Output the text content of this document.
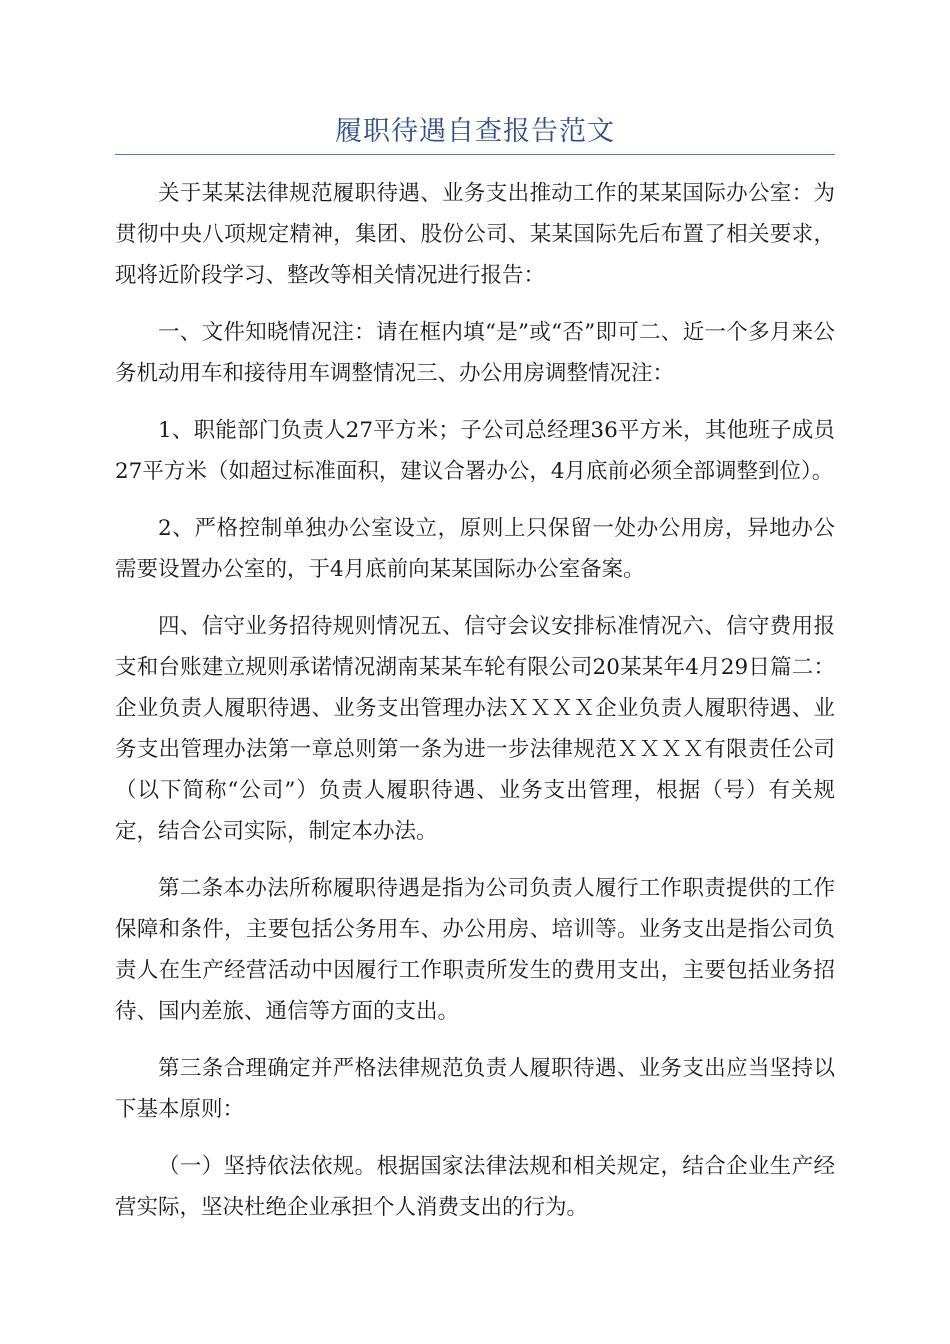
履职待遇自查报告范文

关于某某法律规范履职待遇、业务支出推动工作的某某国际办公室：为贯彻中央八项规定精神，集团、股份公司、某某国际先后布置了相关要求，现将近阶段学习、整改等相关情况进行报告：

一、文件知晓情况注：请在框内填“是”或“否”即可二、近一个多月来公务机动用车和接待用车调整情况三、办公用房调整情况注：

1、职能部门负责人27平方米；子公司总经理36平方米，其他班子成员27平方米（如超过标准面积，建议合署办公，4月底前必须全部调整到位）。

2、严格控制单独办公室设立，原则上只保留一处办公用房，异地办公需要设置办公室的，于4月底前向某某国际办公室备案。

四、信守业务招待规则情况五、信守会议安排标准情况六、信守费用报支和台账建立规则承诺情况湖南某某车轮有限公司20某某年4月29日篇二：企业负责人履职待遇、业务支出管理办法ＸＸＸＸ企业负责人履职待遇、业务支出管理办法第一章总则第一条为进一步法律规范ＸＸＸＸ有限责任公司（以下简称“公司”）负责人履职待遇、业务支出管理，根据（号）有关规定，结合公司实际，制定本办法。

第二条本办法所称履职待遇是指为公司负责人履行工作职责提供的工作保障和条件，主要包括公务用车、办公用房、培训等。业务支出是指公司负责人在生产经营活动中因履行工作职责所发生的费用支出，主要包括业务招待、国内差旅、通信等方面的支出。

第三条合理确定并严格法律规范负责人履职待遇、业务支出应当坚持以下基本原则：

（一）坚持依法依规。根据国家法律法规和相关规定，结合企业生产经营实际，坚决杜绝企业承担个人消费支出的行为。
